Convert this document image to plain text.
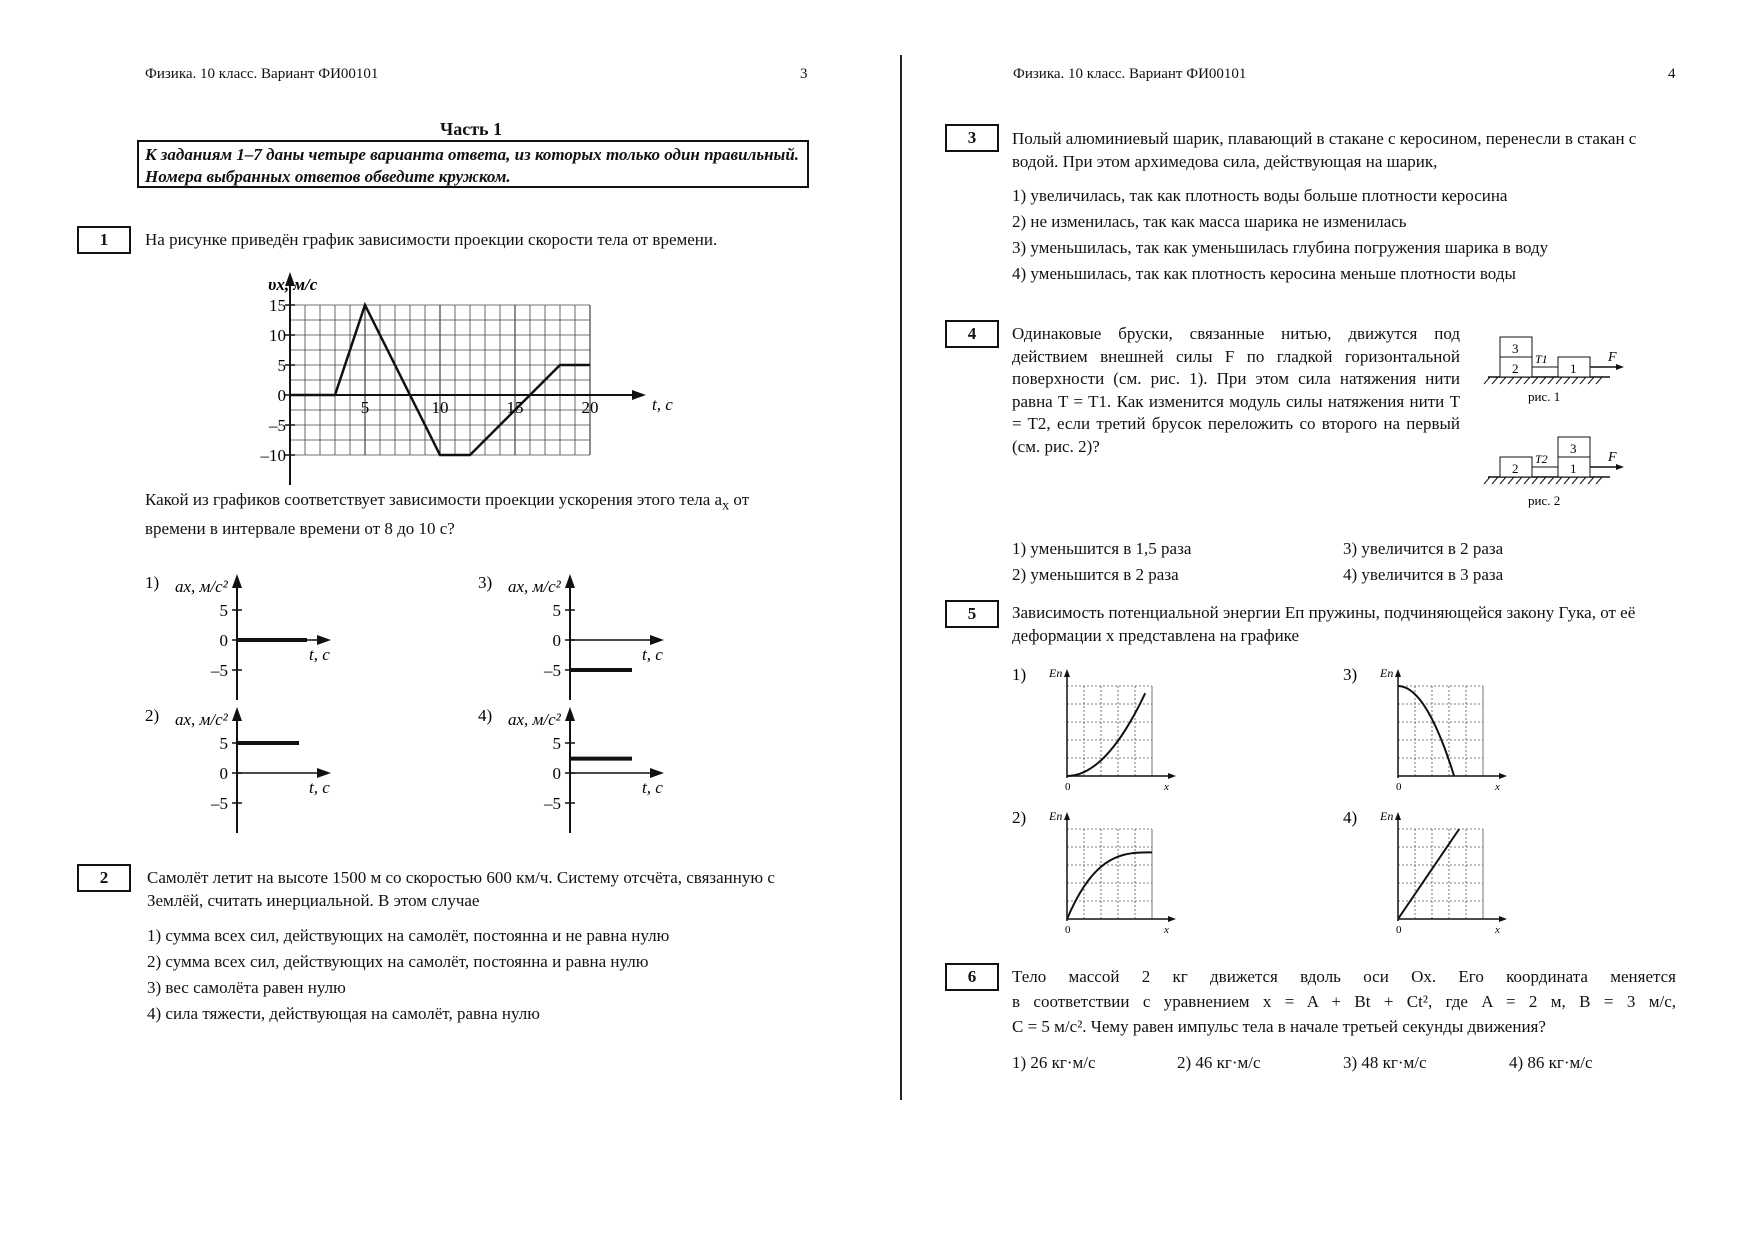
Физика. 10 класс. Вариант ФИ00101	3
Часть 1
К заданиям 1–7 даны четыре варианта ответа, из которых только один правильный. Номера выбранных ответов обведите кружком.
1	На рисунке приведён график зависимости проекции скорости тела от времени.
15
10
5
0
–5
–10
5	10	15	20
υx, м/с
t, c
Какой из графиков соответствует зависимости проекции ускорения этого тела $a_x$ от времени в интервале времени от 8 до 10 с?
1) ax, м/с²
5
0
–5
t, c
2) ax, м/с²
5
0
–5
t, c
3) ax, м/с²
5
0
–5
t, c
4) ax, м/с²
5
0
–5
t, c
2	Самолёт летит на высоте 1500 м со скоростью 600 км/ч. Систему отсчёта, связанную с Землёй, считать инерциальной. В этом случае
1) сумма всех сил, действующих на самолёт, постоянна и не равна нулю
2) сумма всех сил, действующих на самолёт, постоянна и равна нулю
3) вес самолёта равен нулю
4) сила тяжести, действующая на самолёт, равна нулю
Физика. 10 класс. Вариант ФИ00101	4
3	Полый алюминиевый шарик, плавающий в стакане с керосином, перенесли в стакан с водой. При этом архимедова сила, действующая на шарик,
1) увеличилась, так как плотность воды больше плотности керосина
2) не изменилась, так как масса шарика не изменилась
3) уменьшилась, так как уменьшилась глубина погружения шарика в воду
4) уменьшилась, так как плотность керосина меньше плотности воды
4	Одинаковые бруски, связанные нитью, движутся под действием внешней силы F по гладкой горизонтальной поверхности (см. рис. 1). При этом сила натяжения нити равна T = T1. Как изменится модуль силы натяжения нити T = T2, если третий брусок переложить со второго на первый (см. рис. 2)?
3
2	1
T1	F
рис. 1
2	1
3
T2	F
рис. 2
1) уменьшится в 1,5 раза
2) уменьшится в 2 раза
3) увеличится в 2 раза
4) увеличится в 3 раза
5	Зависимость потенциальной энергии Eп пружины, подчиняющейся закону Гука, от её деформации x представлена на графике
1) Eп
x
0
2) Eп
x
0
3) Eп
x
0
4) Eп
x
0
6	Тело массой 2 кг движется вдоль оси Ox. Его координата меняется
в соответствии с уравнением x = A + Bt + Ct², где A = 2 м, B = 3 м/с,
C = 5 м/с². Чему равен импульс тела в начале третьей секунды движения?
1) 26 кг·м/с	2) 46 кг·м/с	3) 48 кг·м/с	4) 86 кг·м/с
